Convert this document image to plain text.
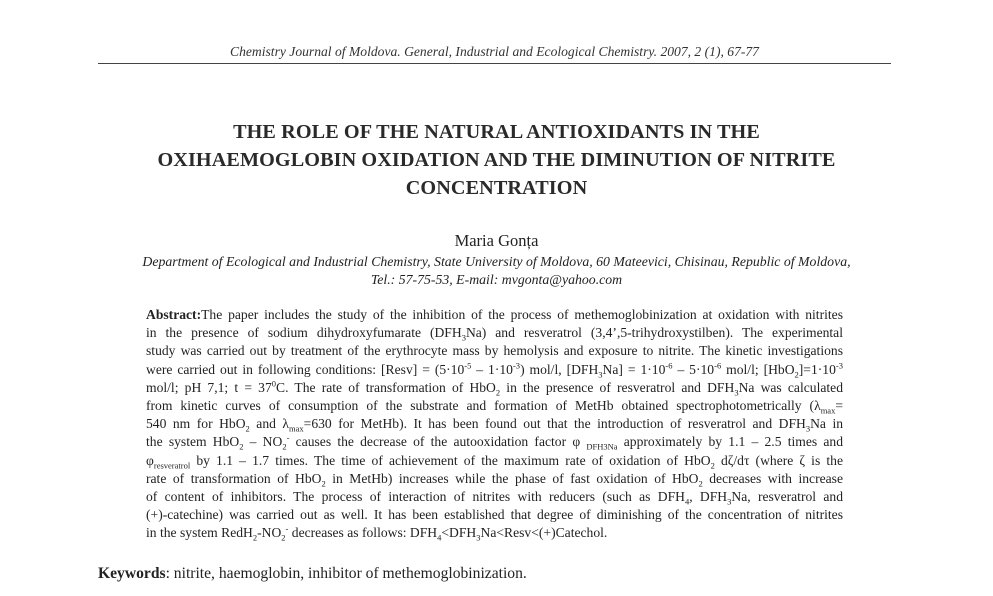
Chemistry Journal of Moldova. General, Industrial and Ecological Chemistry. 2007, 2 (1), 67-77
THE ROLE OF THE NATURAL ANTIOXIDANTS IN THE
OXIHAEMOGLOBIN OXIDATION AND THE DIMINUTION OF NITRITE
CONCENTRATION
Maria Gonța
Department of Ecological and Industrial Chemistry, State University of Moldova, 60 Mateevici, Chisinau, Republic of Moldova,
Tel.: 57-75-53, E-mail: mvgonta@yahoo.com
Abstract:The paper includes the study of the inhibition of the process of methemoglobinization at oxidation with nitrites
in the presence of sodium dihydroxyfumarate $(DFH_3Na)$ and resveratrol (3,4’,5-trihydroxystilben). The experimental
study was carried out by treatment of the erythrocyte mass by hemolysis and exposure to nitrite. The kinetic investigations
were carried out in following conditions: [Resv] = $(5\cdot 10^{-5} - 1\cdot 10^{-3})$ mol/l, $[DFH_3Na] = 1\cdot 10^{-6} - 5\cdot 10^{-6}$ mol/l; $[HbO_2]=1\cdot 10^{-3}$
mol/l; pH 7,1; $t = 37^0C$. The rate of transformation of HbO$_2$ in the presence of resveratrol and $DFH_3Na$ was calculated
from kinetic curves of consumption of the substrate and formation of MetHb obtained spectrophotometrically ($\lambda_{max}=$
540 nm for HbO$_2$ and $\lambda_{max}=630$ for MetHb). It has been found out that the introduction of resveratrol and $DFH_3Na$ in
the system $HbO_2 - NO_2^-$ causes the decrease of the autooxidation factor φ $_{DFH3Na}$ approximately by 1.1 – 2.5 times and
$\varphi_{resveratrol}$ by 1.1 – 1.7 times. The time of achievement of the maximum rate of oxidation of HbO$_2$ dζ/dτ (where ζ is the
rate of transformation of HbO$_2$ in MetHb) increases while the phase of fast oxidation of HbO$_2$ decreases with increase
of content of inhibitors. The process of interaction of nitrites with reducers (such as $DFH_4$, $DFH_3Na$, resveratrol and
(+)-catechine) was carried out as well. It has been established that degree of diminishing of the concentration of nitrites
in the system $RedH_2-NO_2^-$ decreases as follows: $DFH_4<DFH_3Na<Resv<(+)Catechol$.
Keywords: nitrite, haemoglobin, inhibitor of methemoglobinization.
